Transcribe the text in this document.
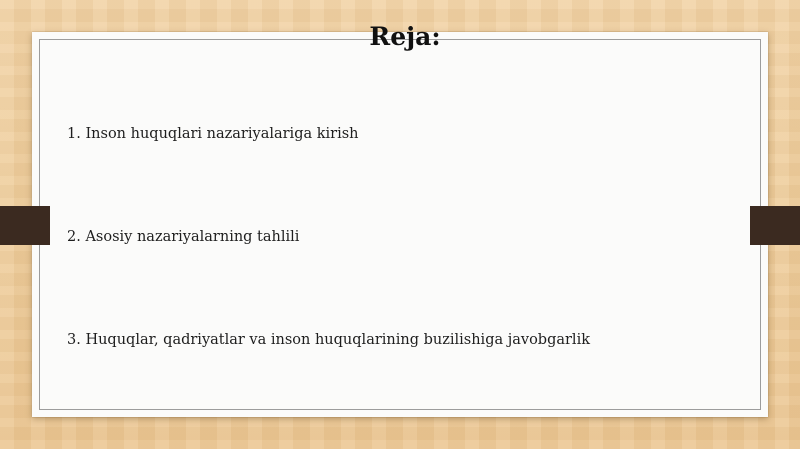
Reja:
1. Inson huquqlari nazariyalariga kirish
2. Asosiy nazariyalarning tahlili
3. Huquqlar, qadriyatlar va inson huquqlarining buzilishiga javobgarlik
